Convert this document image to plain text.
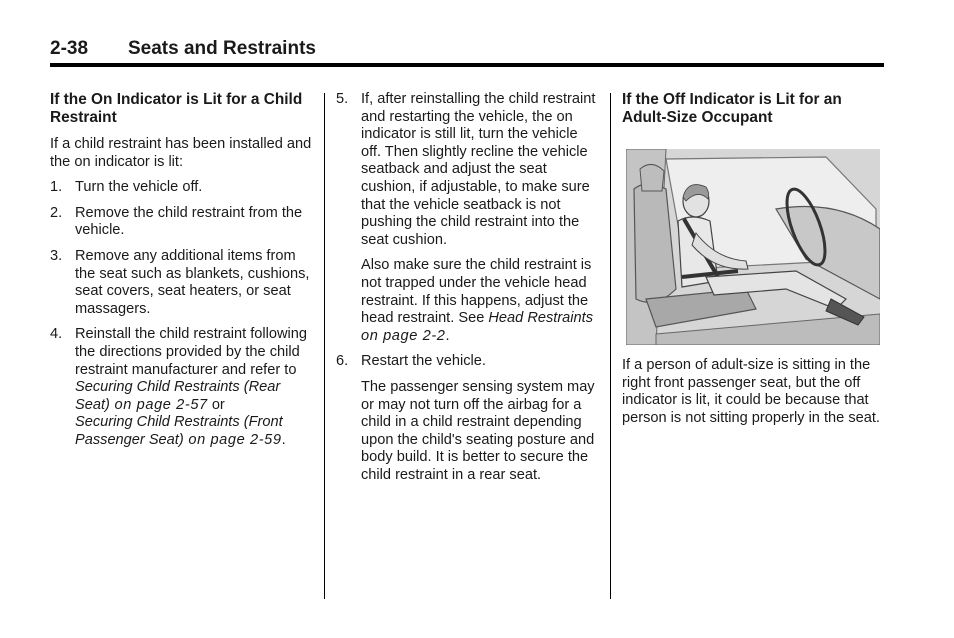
2-38 Seats and Restraints
If the On Indicator is Lit for a Child Restraint

If a child restraint has been installed and the on indicator is lit:

1. Turn the vehicle off.
2. Remove the child restraint from the vehicle.
3. Remove any additional items from the seat such as blankets, cushions, seat covers, seat heaters, or seat massagers.
4. Reinstall the child restraint following the directions provided by the child restraint manufacturer and refer to
Securing Child Restraints (Rear Seat) on page 2-57 or
Securing Child Restraints (Front Passenger Seat) on page 2-59.
5. If, after reinstalling the child restraint and restarting the vehicle, the on indicator is still lit, turn the vehicle off. Then slightly recline the vehicle seatback and adjust the seat cushion, if adjustable, to make sure that the vehicle seatback is not pushing the child restraint into the seat cushion.

Also make sure the child restraint is not trapped under the vehicle head restraint. If this happens, adjust the head restraint. See Head Restraints
on page 2-2.

6. Restart the vehicle.

The passenger sensing system may or may not turn off the airbag for a child in a child restraint depending upon the child's seating posture and body build. It is better to secure the child restraint in a rear seat.

If the Off Indicator is Lit for an Adult-Size Occupant

If a person of adult-size is sitting in the right front passenger seat, but the off indicator is lit, it could be because that person is not sitting properly in the seat.
